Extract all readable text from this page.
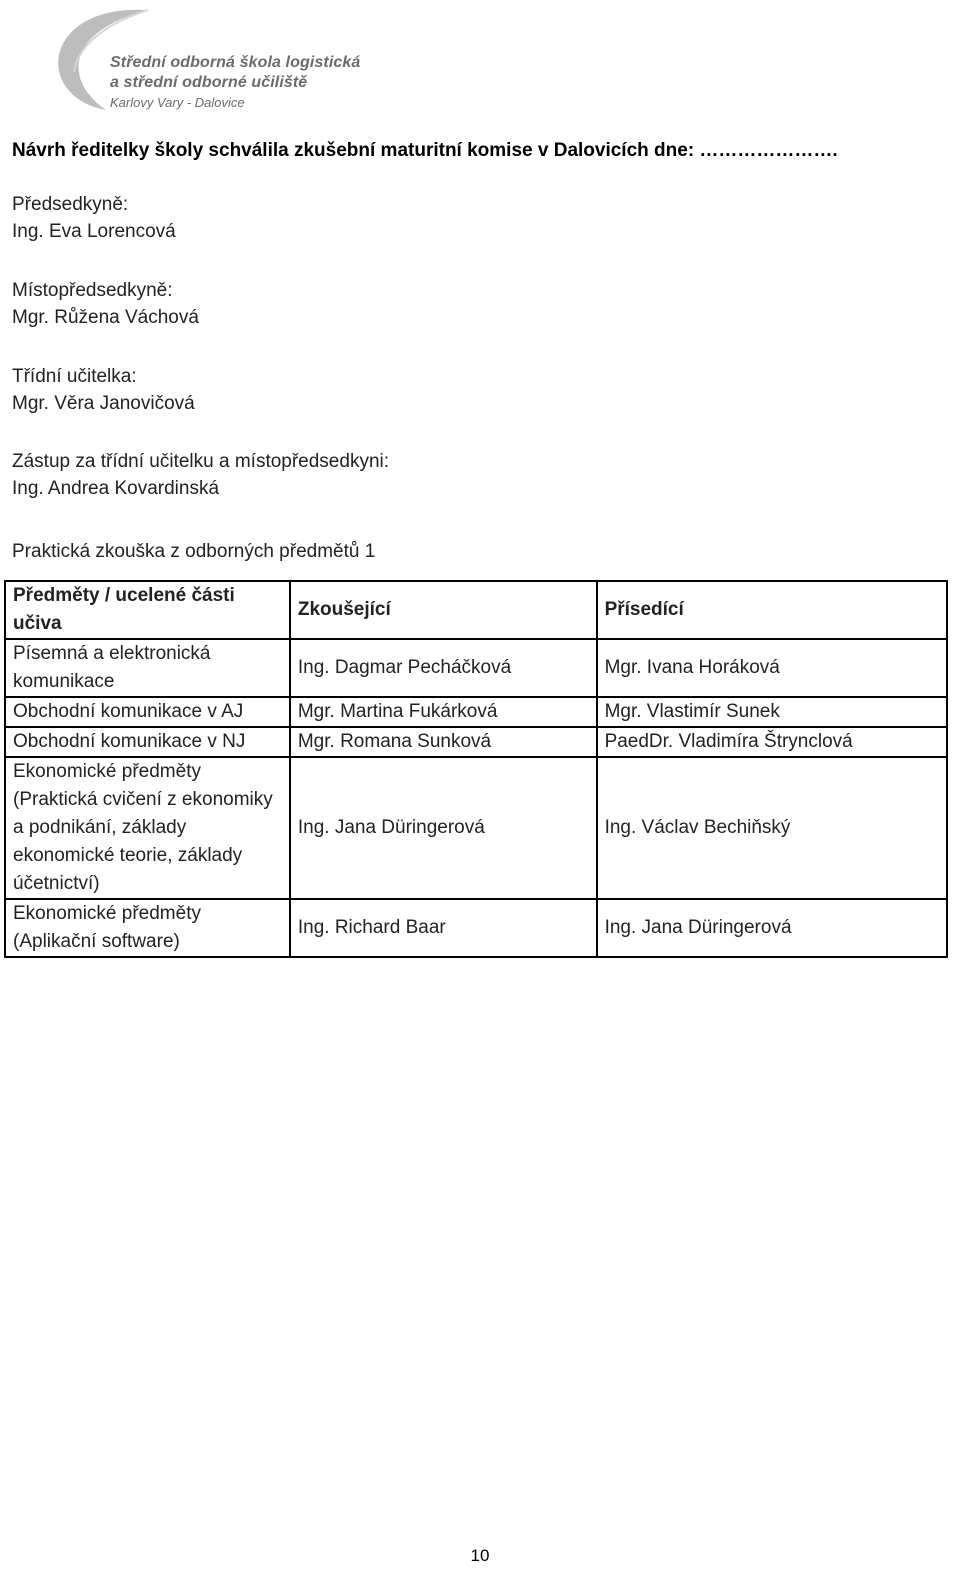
Střední odborná škola logistická
a střední odborné učiliště
Karlovy Vary - Dalovice
Návrh ředitelky školy schválila zkušební maturitní komise v Dalovicích dne: ………………….
Předsedkyně:
Ing. Eva Lorencová
Místopředsedkyně:
Mgr. Růžena Váchová
Třídní učitelka:
Mgr. Věra Janovičová
Zástup za třídní učitelku a místopředsedkyni:
Ing. Andrea Kovardinská
Praktická zkouška z odborných předmětů 1
Předměty / ucelené části učiva	Zkoušející	Přísedící
Písemná a elektronická komunikace	Ing. Dagmar Pecháčková	Mgr. Ivana Horáková
Obchodní komunikace v AJ	Mgr. Martina Fukárková	Mgr. Vlastimír Sunek
Obchodní komunikace v NJ	Mgr. Romana Sunková	PaedDr. Vladimíra Štrynclová
Ekonomické předměty (Praktická cvičení z ekonomiky a podnikání, základy ekonomické teorie, základy účetnictví)	Ing. Jana Düringerová	Ing. Václav Bechiňský
Ekonomické předměty (Aplikační software)	Ing. Richard Baar	Ing. Jana Düringerová
10
